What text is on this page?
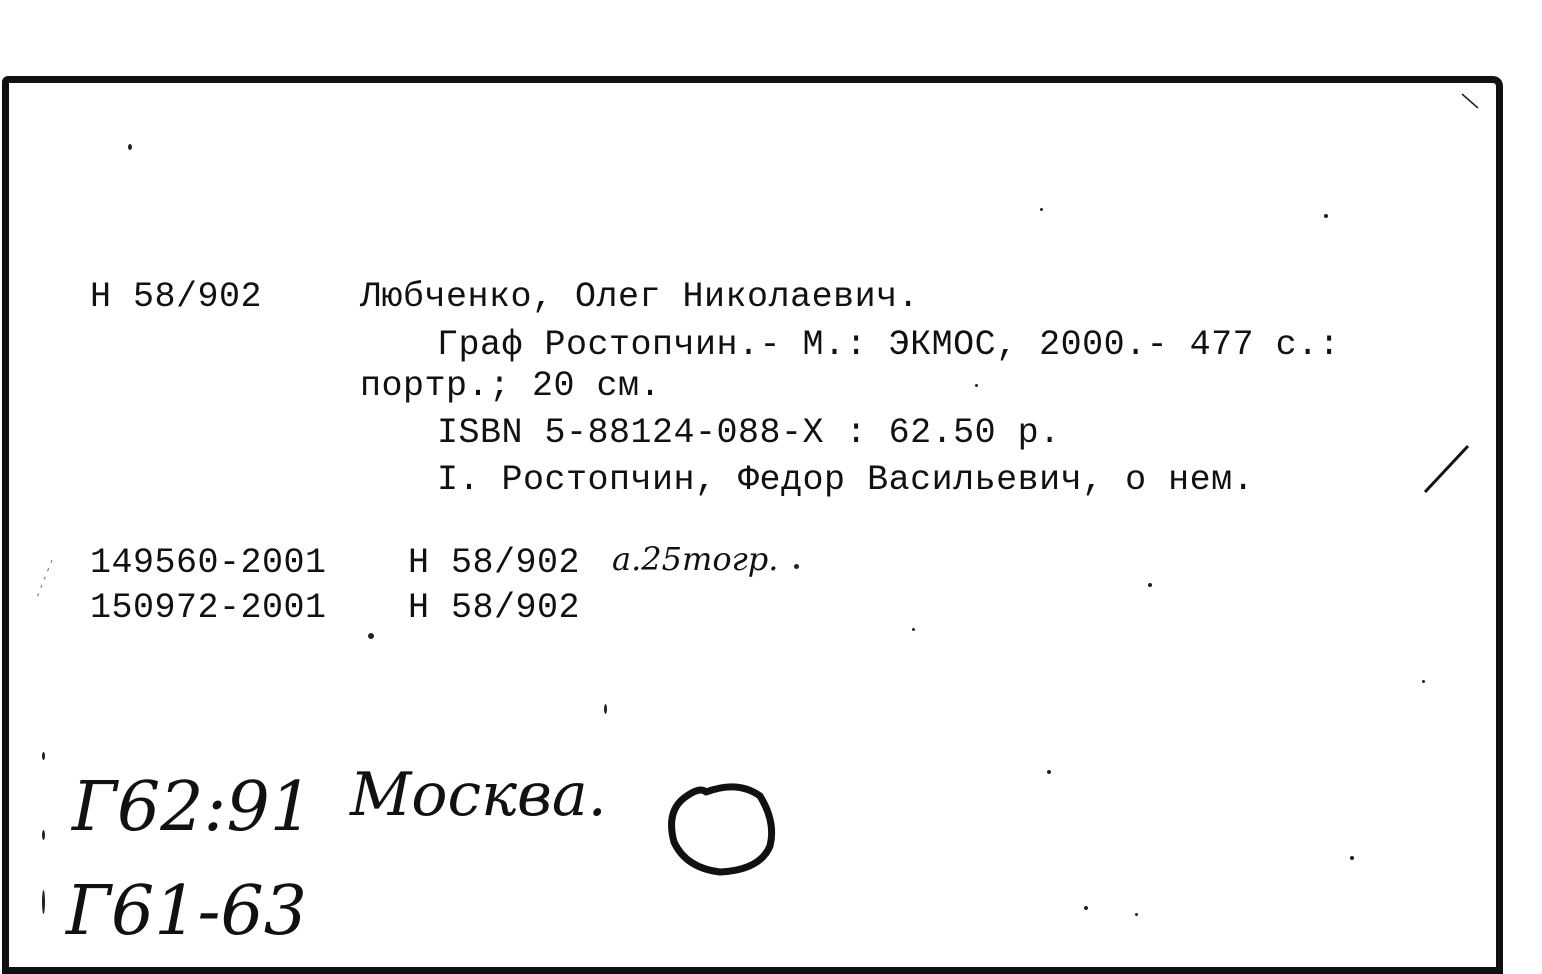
Н 58/902	Любченко, Олег Николаевич.
Граф Ростопчин.- М.: ЭКМОС, 2000.- 477 с.:
портр.; 20 см.
ISBN 5-88124-088-X : 62.50 р.
I. Ростопчин, Федор Васильевич, о нем.
149560-2001 Н 58/902 а.25тогр.
150972-2001 Н 58/902
Г62:91 Москва.
Г61-63
